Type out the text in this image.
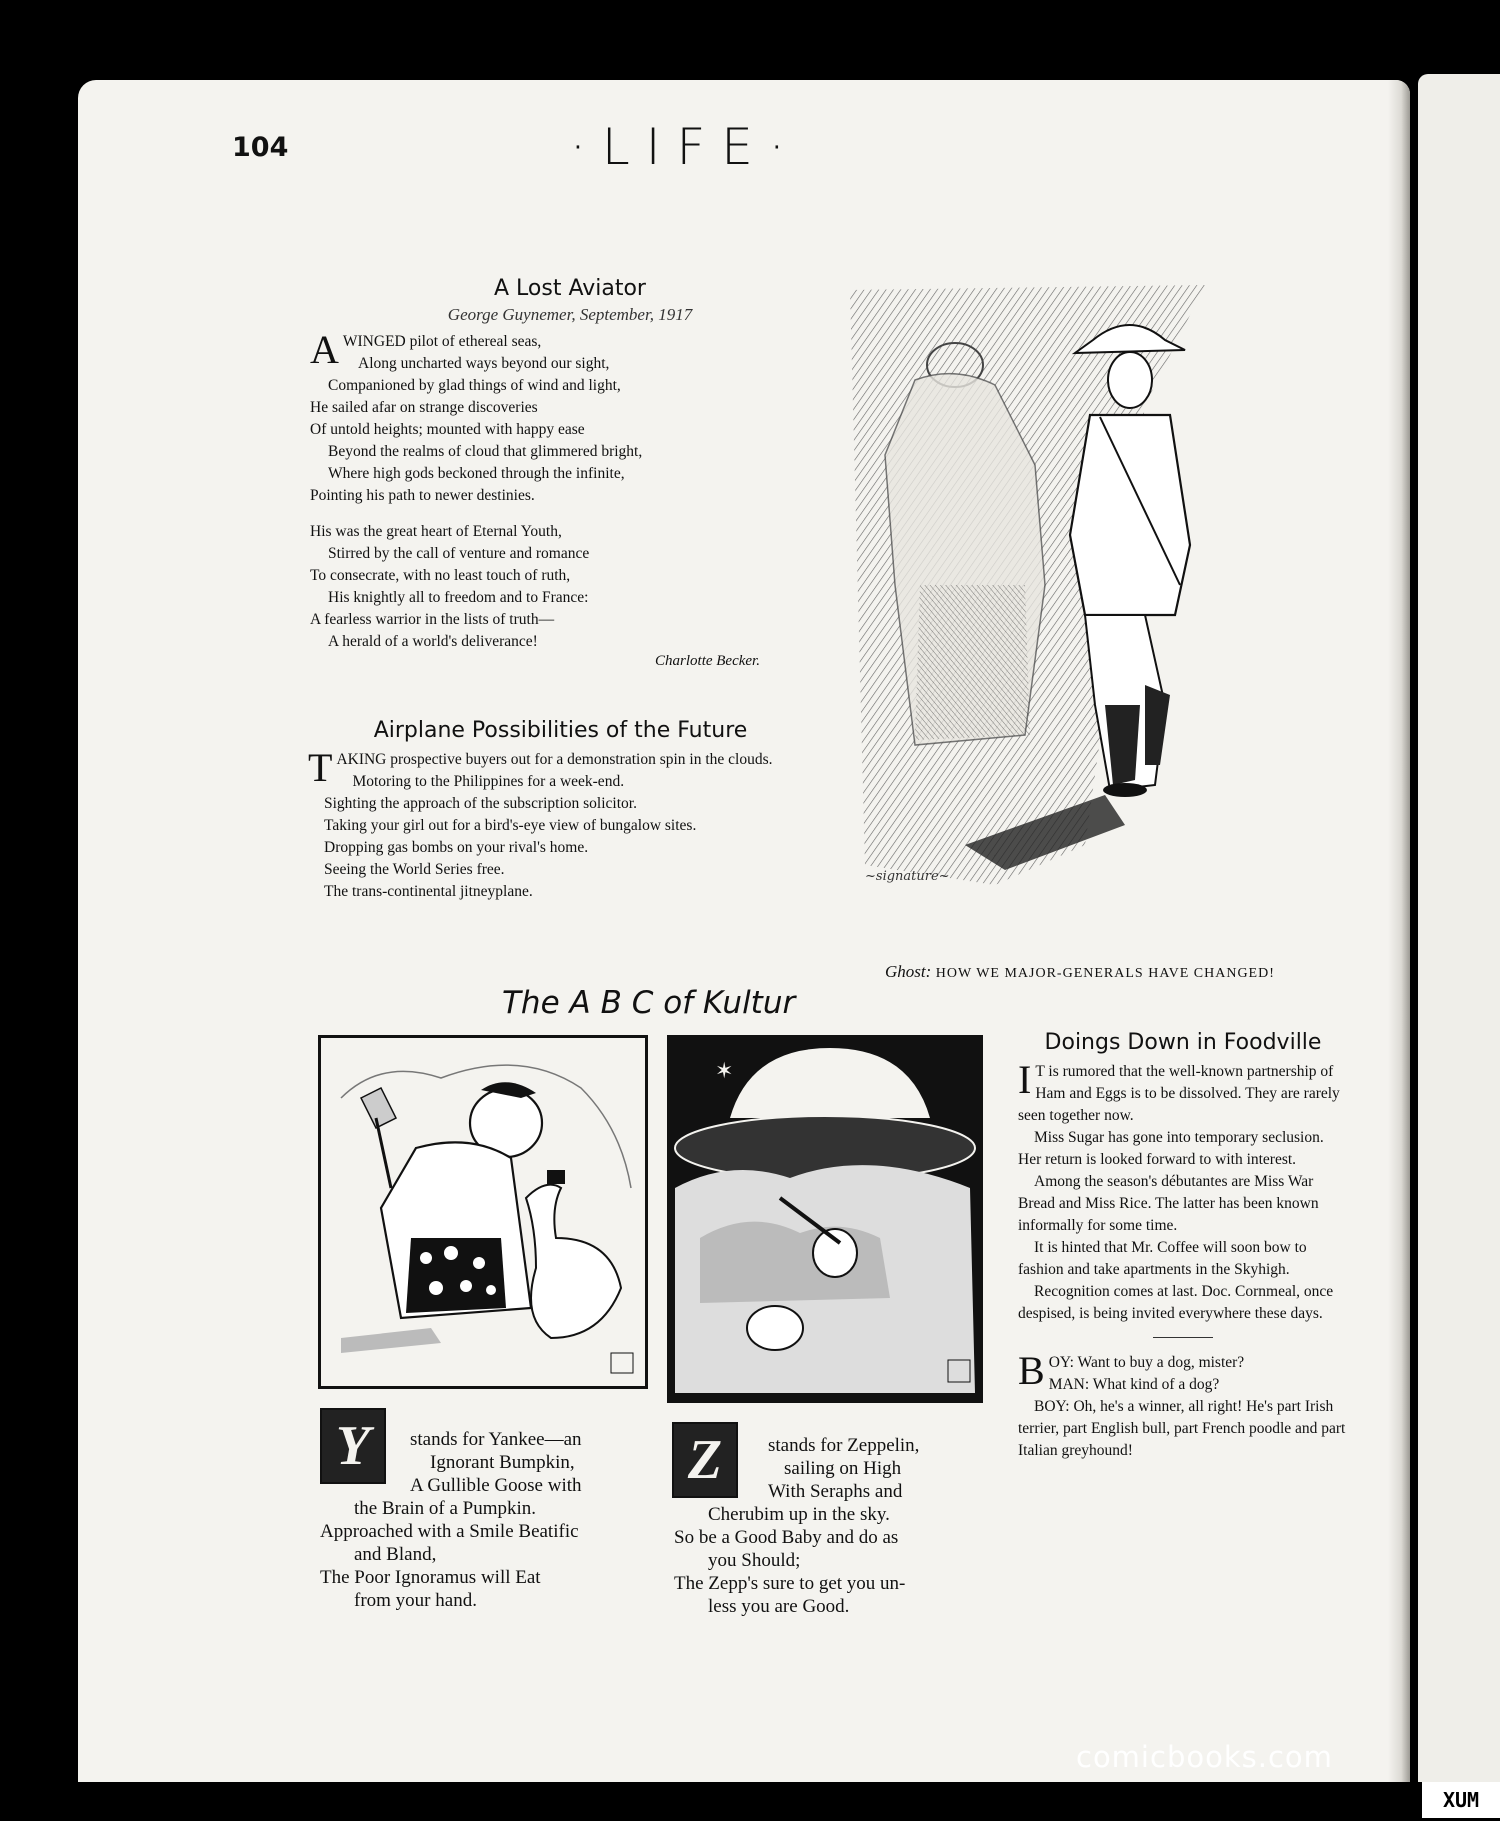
104	·LIFE·
A Lost Aviator
George Guynemer, September, 1917
A WINGED pilot of ethereal seas,
Along uncharted ways beyond our sight,
Companioned by glad things of wind and light,
He sailed afar on strange discoveries
Of untold heights; mounted with happy ease
Beyond the realms of cloud that glimmered bright,
Where high gods beckoned through the infinite,
Pointing his path to newer destinies.
His was the great heart of Eternal Youth,
Stirred by the call of venture and romance
To consecrate, with no least touch of ruth,
His knightly all to freedom and to France:
A fearless warrior in the lists of truth—
A herald of a world's deliverance!
Charlotte Becker.
Airplane Possibilities of the Future

TAKING prospective buyers out for a demonstration spin in the clouds.

Motoring to the Philippines for a week-end.

Sighting the approach of the subscription solicitor.

Taking your girl out for a bird's-eye view of bungalow sites.

Dropping gas bombs on your rival's home.

Seeing the World Series free.

The trans-continental jitneyplane.

~signature~
Ghost: HOW WE MAJOR-GENERALS HAVE CHANGED!
The A B C of Kultur
Y	stands for Yankee—an
Ignorant Bumpkin,
A Gullible Goose with
the Brain of a Pumpkin.
Approached with a Smile Beatific
and Bland,
The Poor Ignoramus will Eat
from your hand.
✶
Z	stands for Zeppelin,
sailing on High
With Seraphs and
Cherubim up in the sky.
So be a Good Baby and do as
you Should;
The Zepp's sure to get you un-
less you are Good.
Doings Down in Foodville

I T is rumored that the well-known partnership of Ham and Eggs is to be dissolved. They are rarely seen together now.

Miss Sugar has gone into temporary seclusion. Her return is looked forward to with interest.

Among the season's débutantes are Miss War Bread and Miss Rice. The latter has been known informally for some time.

It is hinted that Mr. Coffee will soon bow to fashion and take apartments in the Skyhigh.

Recognition comes at last. Doc. Cornmeal, once despised, is being invited everywhere these days.

BOY: Want to buy a dog, mister?

MAN: What kind of a dog?

BOY: Oh, he's a winner, all right! He's part Irish terrier, part English bull, part French poodle and part Italian greyhound!

comicbooks.com
XUM
